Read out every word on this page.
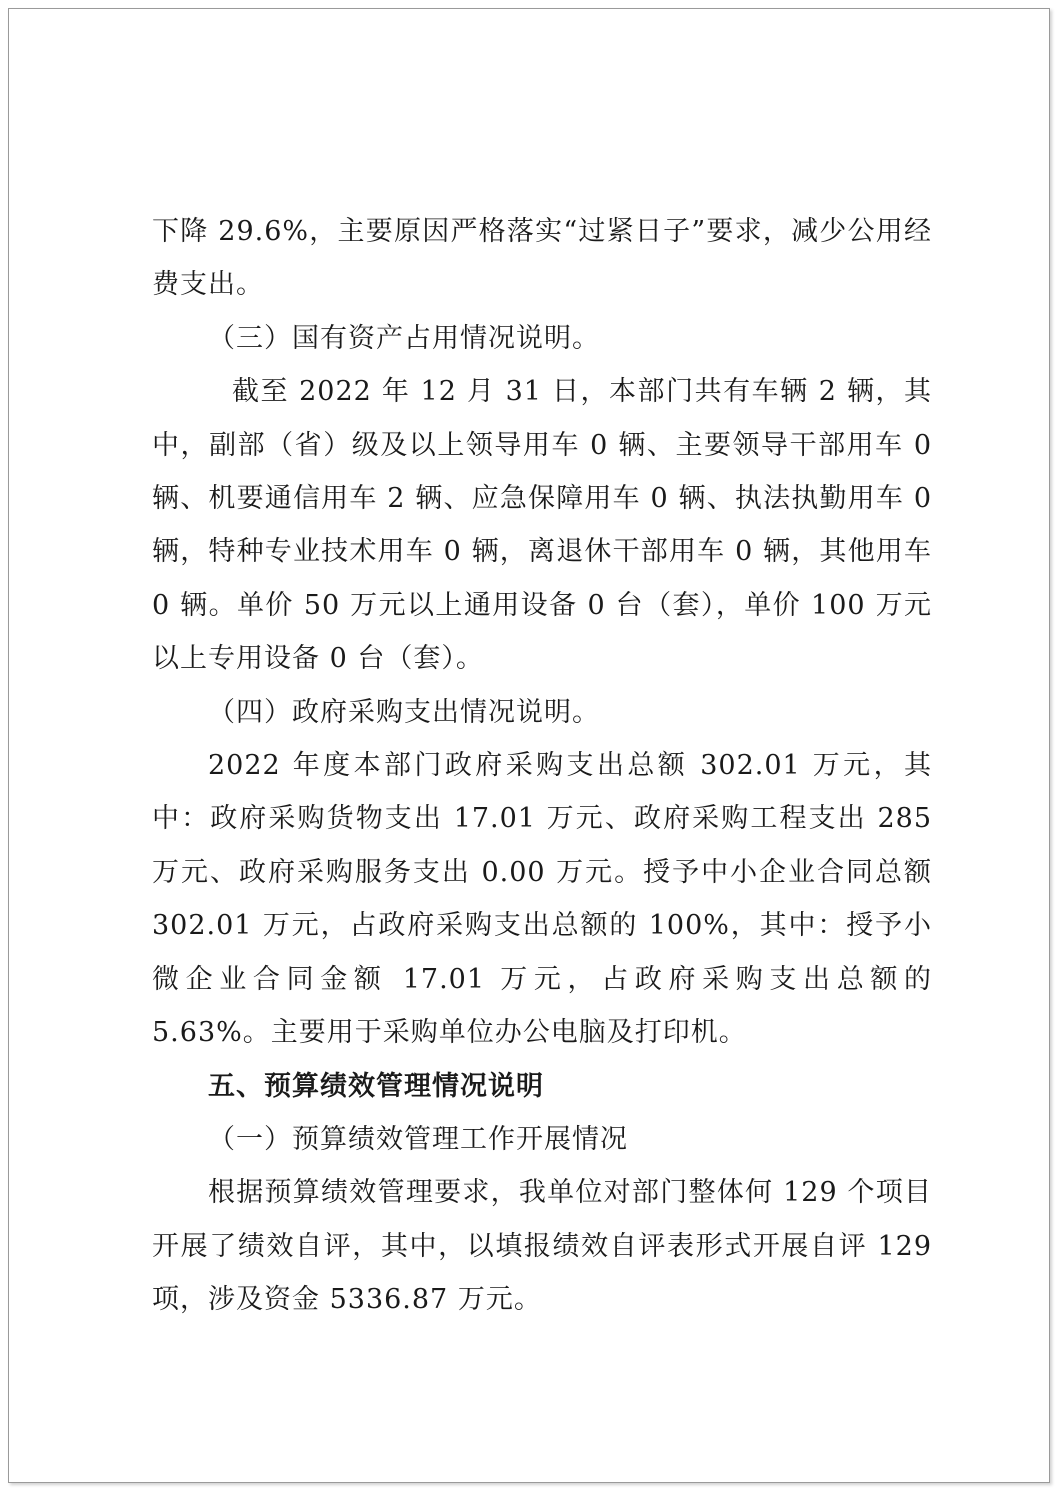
下降 29.6%，主要原因严格落实“过紧日子”要求，减少公用经费支出。

（三）国有资产占用情况说明。

截至 2022 年 12 月 31 日，本部门共有车辆 2 辆，其中，副部（省）级及以上领导用车 0 辆、主要领导干部用车 0 辆、机要通信用车 2 辆、应急保障用车 0 辆、执法执勤用车 0 辆，特种专业技术用车 0 辆，离退休干部用车 0 辆，其他用车 0 辆。单价 50 万元以上通用设备 0 台（套），单价 100 万元以上专用设备 0 台（套）。

（四）政府采购支出情况说明。

2022 年度本部门政府采购支出总额 302.01 万元，其中：政府采购货物支出 17.01 万元、政府采购工程支出 285 万元、政府采购服务支出 0.00 万元。授予中小企业合同总额 302.01 万元，占政府采购支出总额的 100%，其中：授予小微企业合同金额 17.01 万元，占政府采购支出总额的 5.63%。主要用于采购单位办公电脑及打印机。

五、预算绩效管理情况说明

（一）预算绩效管理工作开展情况

根据预算绩效管理要求，我单位对部门整体何 129 个项目开展了绩效自评，其中，以填报绩效自评表形式开展自评 129 项，涉及资金 5336.87 万元。
